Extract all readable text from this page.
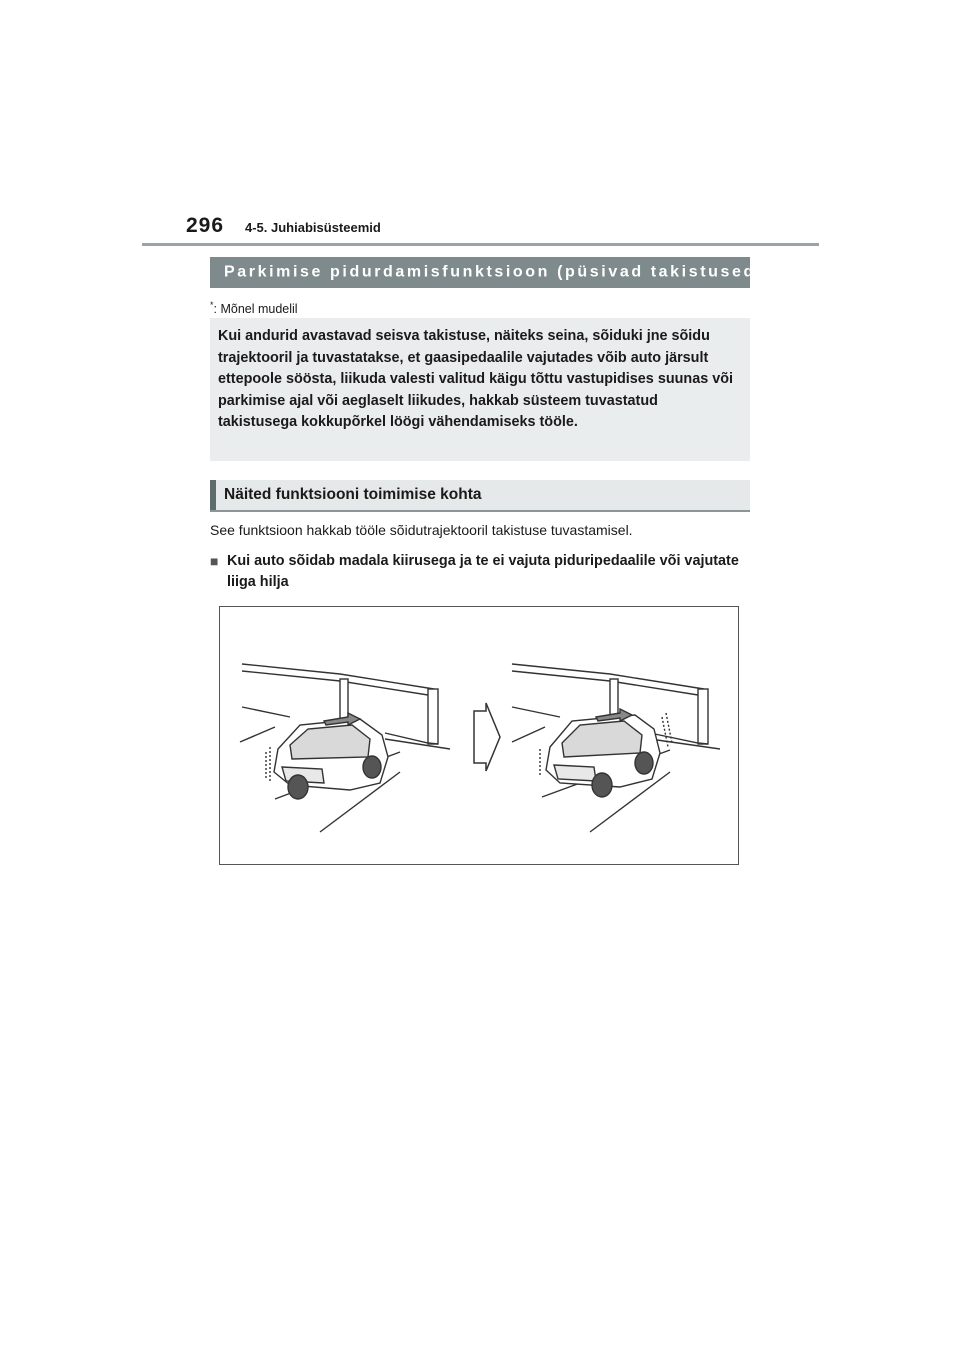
296 4-5. Juhiabisüsteemid
Parkimise pidurdamisfunktsioon (püsivad takistused)*
*: Mõnel mudelil
Kui andurid avastavad seisva takistuse, näiteks seina, sõiduki jne sõidu trajektooril ja tuvastatakse, et gaasipedaalile vajutades võib auto järsult ettepoole söösta, liikuda valesti valitud käigu tõttu vastupidises suunas või parkimise ajal või aeglaselt liikudes, hakkab süsteem tuvastatud takistusega kokkupõrkel löögi vähendamiseks tööle.
Näited funktsiooni toimimise kohta
See funktsioon hakkab tööle sõidutrajektooril takistuse tuvastamisel.
■ Kui auto sõidab madala kiirusega ja te ei vajuta piduripedaalile või vajutate liiga hilja
